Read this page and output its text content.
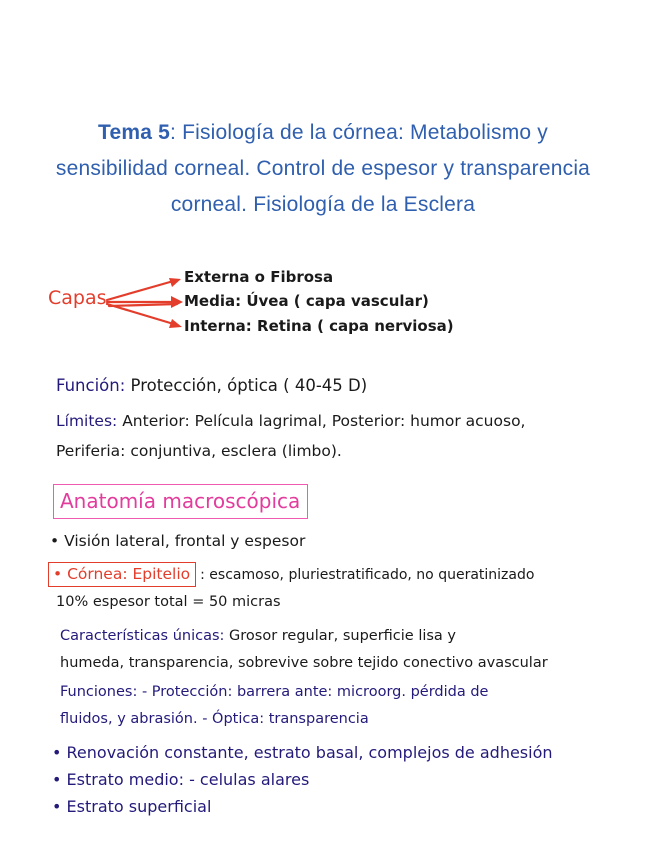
Tema 5: Fisiología de la córnea: Metabolismo y sensibilidad corneal. Control de espesor y transparencia corneal. Fisiología de la Esclera
Capas
Externa o Fibrosa
Media: Úvea ( capa vascular)
Interna: Retina ( capa nerviosa)
Función: Protección, óptica ( 40-45 D)
Límites: Anterior: Película lagrimal, Posterior: humor acuoso,
Periferia: conjuntiva, esclera (limbo).
Anatomía macroscópica
• Visión lateral, frontal y espesor
• Córnea: Epitelio : escamoso, pluriestratificado, no queratinizado
10% espesor total = 50 micras
Características únicas: Grosor regular, superficie lisa y
humeda, transparencia, sobrevive sobre tejido conectivo avascular
Funciones: - Protección: barrera ante: microorg. pérdida de
fluidos, y abrasión. - Óptica: transparencia
• Renovación constante, estrato basal, complejos de adhesión
• Estrato medio: - celulas alares
• Estrato superficial
